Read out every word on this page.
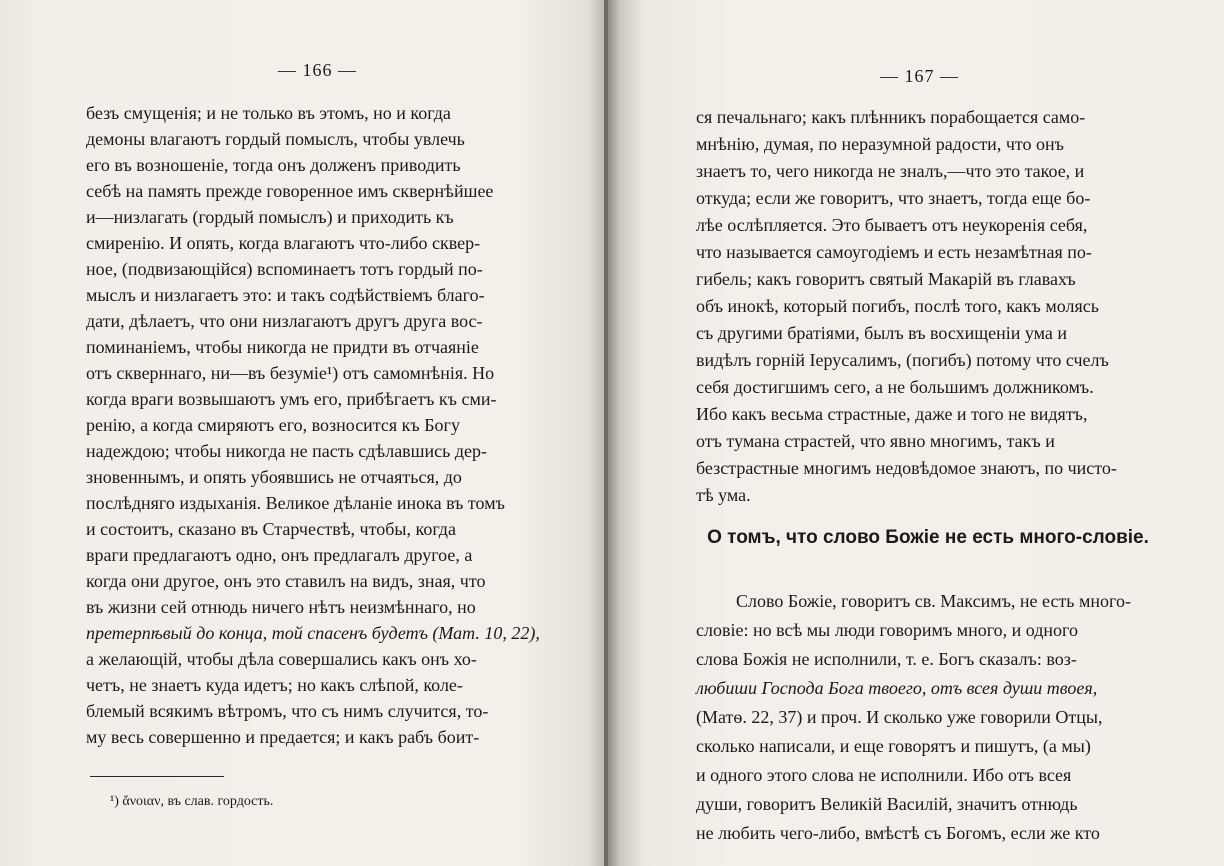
— 166 —
безъ смущенія; и не только въ этомъ, но и когда
демоны влагаютъ гордый помыслъ, чтобы увлечь
его въ возношеніе, тогда онъ долженъ приводить
себѣ на память прежде говоренное имъ сквернѣйшее
и—низлагать (гордый помыслъ) и приходить къ
смиренію. И опять, когда влагаютъ что-либо сквер-
ное, (подвизающійся) вспоминаетъ тотъ гордый по-
мыслъ и низлагаетъ это: и такъ содѣйствіемъ благо-
дати, дѣлаетъ, что они низлагаютъ другъ друга вос-
поминаніемъ, чтобы никогда не придти въ отчаяніе
отъ скверннаго, ни—въ безуміе¹) отъ самомнѣнія. Но
когда враги возвышаютъ умъ его, прибѣгаетъ къ сми-
ренію, а когда смиряютъ его, возносится къ Богу
надеждою; чтобы никогда не пасть сдѣлавшись дер-
зновеннымъ, и опять убоявшись не отчаяться, до
послѣдняго издыханія. Великое дѣланіе инока въ томъ
и состоитъ, сказано въ Старчествѣ, чтобы, когда
враги предлагаютъ одно, онъ предлагалъ другое, а
когда они другое, онъ это ставилъ на видъ, зная, что
въ жизни сей отнюдь ничего нѣтъ неизмѣннаго, но
претерпѣвый до конца, той спасенъ будетъ (Мат. 10, 22),
а желающій, чтобы дѣла совершались какъ онъ хо-
четъ, не знаетъ куда идетъ; но какъ слѣпой, коле-
блемый всякимъ вѣтромъ, что съ нимъ случится, то-
му весь совершенно и предается; и какъ рабъ боит-
¹) ἄνοιαν, въ слав. гордость.
— 167 —
ся печальнаго; какъ плѣнникъ порабощается само-
мнѣнію, думая, по неразумной радости, что онъ
знаетъ то, чего никогда не зналъ,—что это такое, и
откуда; если же говоритъ, что знаетъ, тогда еще бо-
лѣе ослѣпляется. Это бываетъ отъ неукоренія себя,
что называется самоугодіемъ и есть незамѣтная по-
гибель; какъ говоритъ святый Макарій въ главахъ
объ инокѣ, который погибъ, послѣ того, какъ молясь
съ другими братіями, былъ въ восхищеніи ума и
видѣлъ горній Іерусалимъ, (погибъ) потому что счелъ
себя достигшимъ сего, а не большимъ должникомъ.
Ибо какъ весьма страстные, даже и того не видятъ,
отъ тумана страстей, что явно многимъ, такъ и
безстрастные многимъ недовѣдомое знаютъ, по чисто-
тѣ ума.
О томъ, что слово Божіе не есть много-словіе.
Слово Божіе, говоритъ св. Максимъ, не есть много-
словіе: но всѣ мы люди говоримъ много, и одного
слова Божія не исполнили, т. е. Богъ сказалъ: воз-
любиши Господа Бога твоего, отъ всея души твоея,
(Матѳ. 22, 37) и проч. И сколько уже говорили Отцы,
сколько написали, и еще говорятъ и пишутъ, (а мы)
и одного этого слова не исполнили. Ибо отъ всея
души, говоритъ Великій Василій, значитъ отнюдь
не любить чего-либо, вмѣстѣ съ Богомъ, если же кто
